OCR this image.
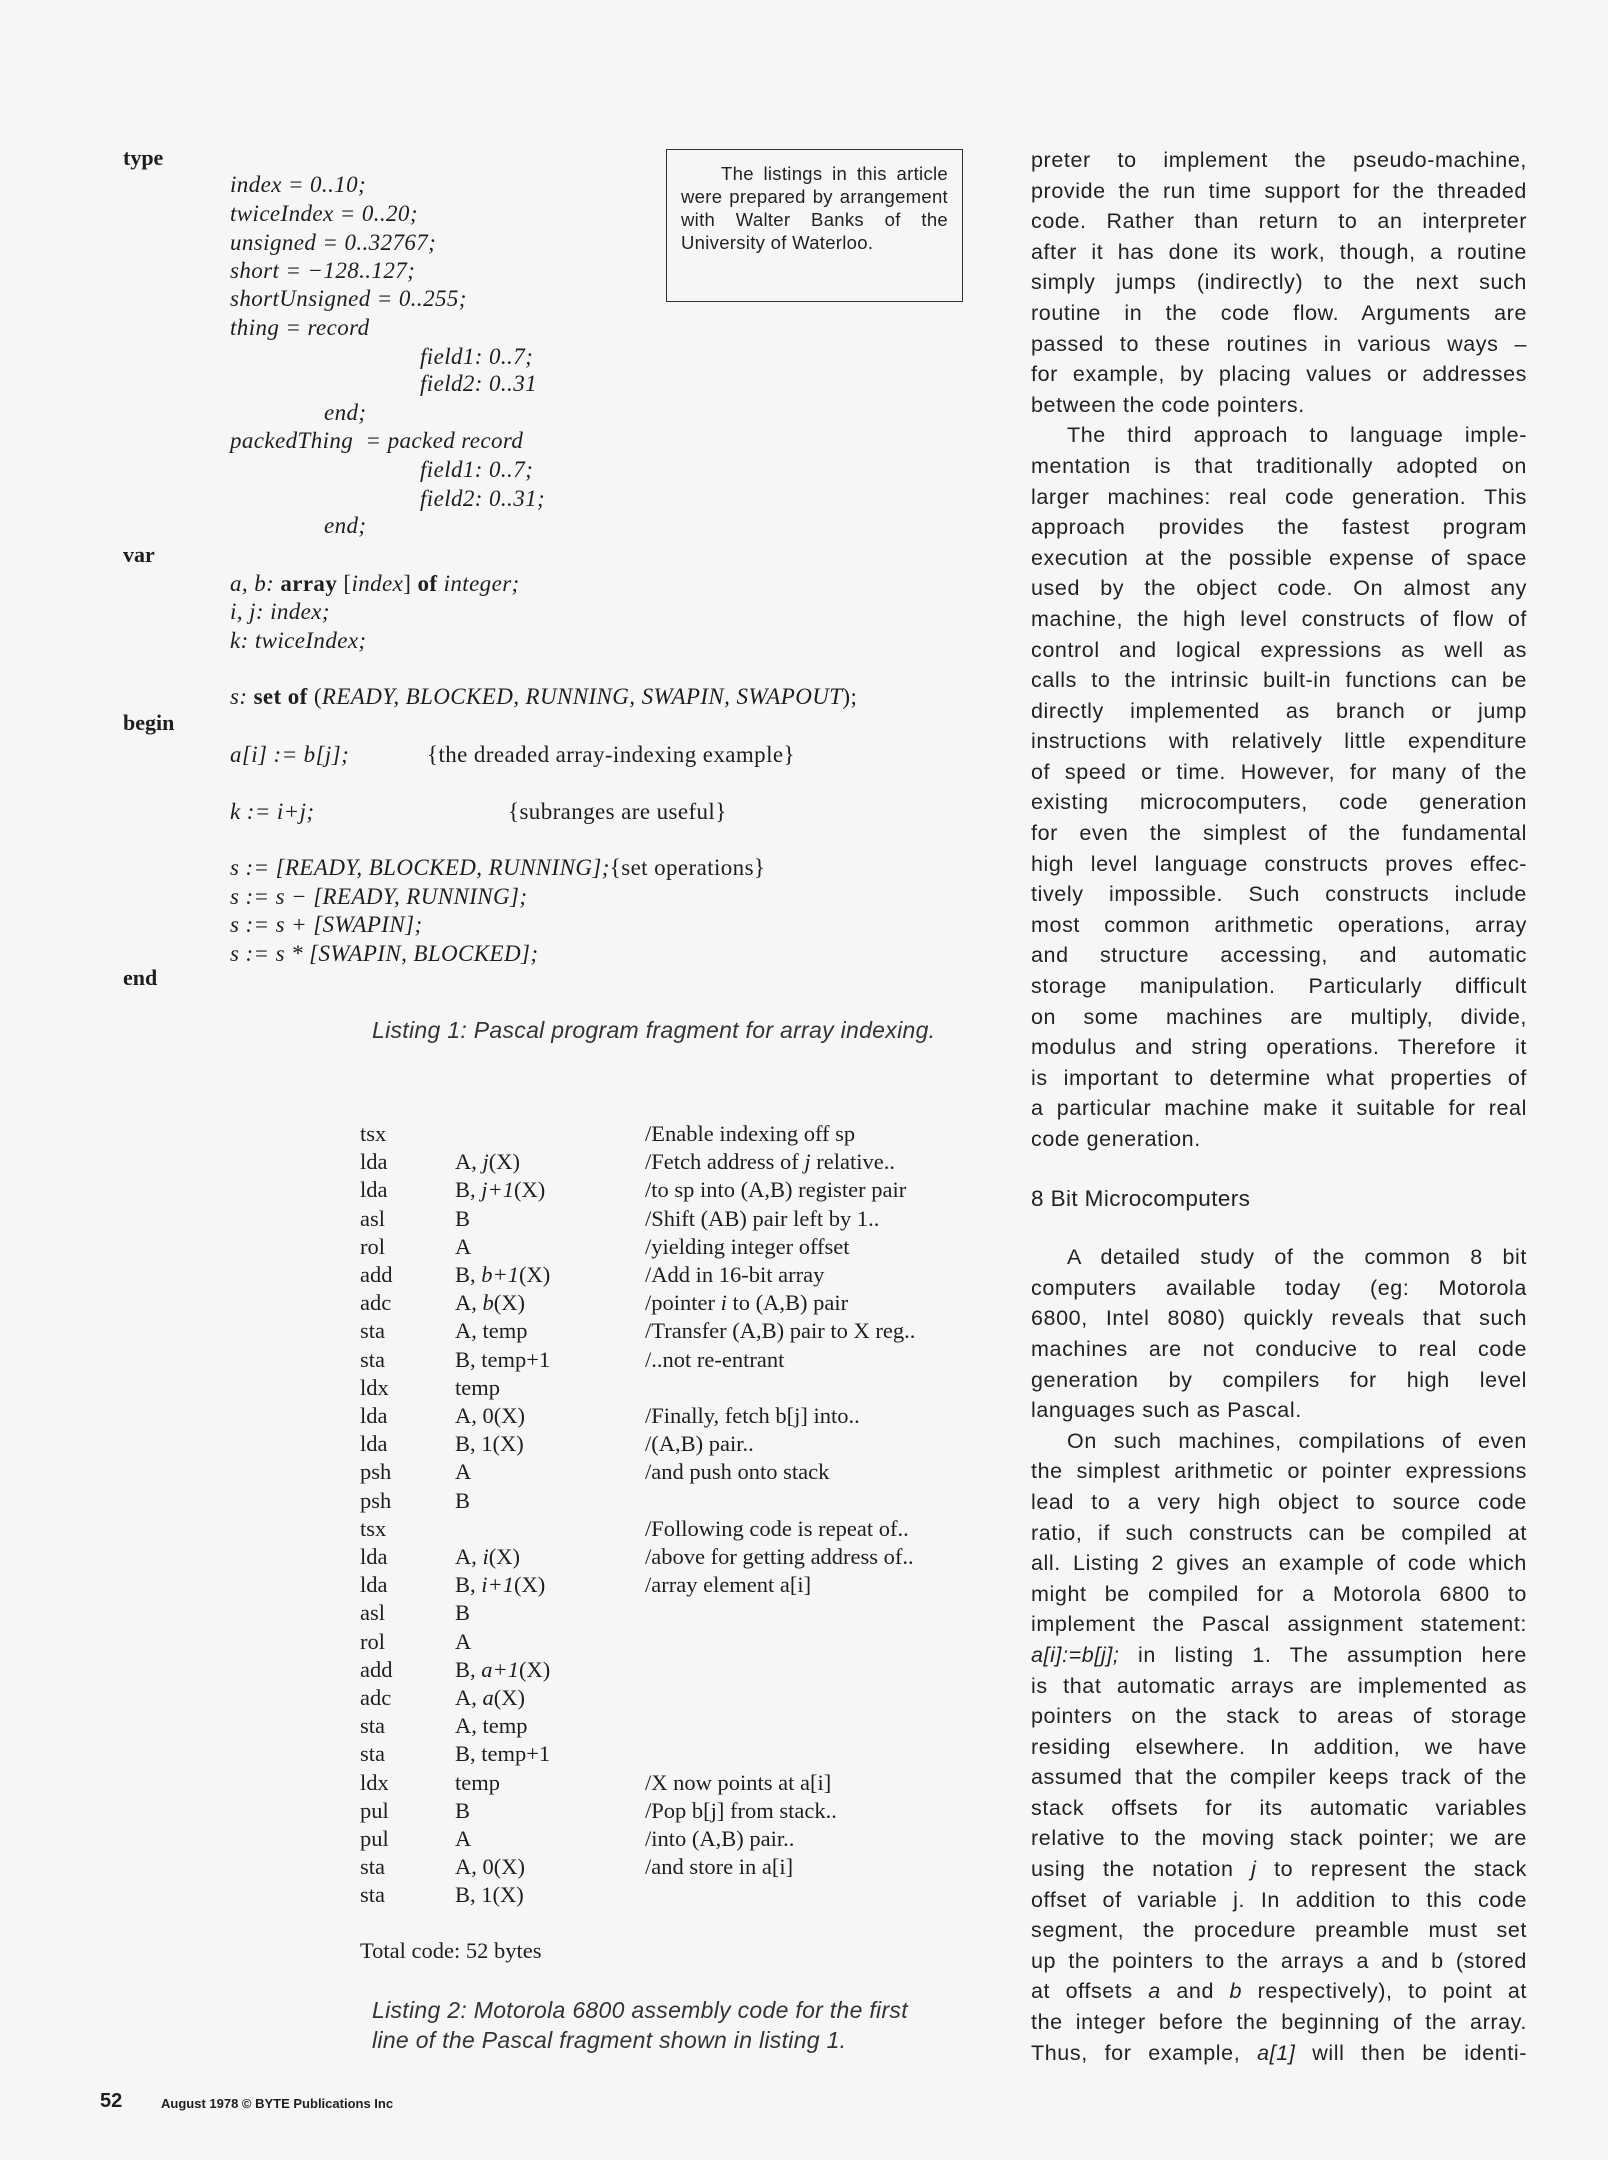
type
var
begin
end
index = 0..10;
twiceIndex = 0..20;
unsigned = 0..32767;
short = −128..127;
shortUnsigned = 0..255;
thing = record
field1: 0..7;
field2: 0..31
end;
packedThing  = packed record
field1: 0..7;
field2: 0..31;
end;
a, b: array [index] of integer;
i, j: index;
k: twiceIndex;
s: set of (READY, BLOCKED, RUNNING, SWAPIN, SWAPOUT);
a[i] := b[j];
k := i+j;
s := [READY, BLOCKED, RUNNING];{set operations}
s := s − [READY, RUNNING];
s := s + [SWAPIN];
s := s * [SWAPIN, BLOCKED];
{the dreaded array-indexing example}
{subranges are useful}
The listings in this article were prepared by arrangement with Walter Banks of the University of Waterloo.
Listing 1: Pascal program fragment for array indexing.
tsx	/Enable indexing off sp
lda	A, j(X)	/Fetch address of j relative..
lda	B, j+1(X)	/to sp into (A,B) register pair
asl	B	/Shift (AB) pair left by 1..
rol	A	/yielding integer offset
add	B, b+1(X)	/Add in 16-bit array
adc	A, b(X)	/pointer i to (A,B) pair
sta	A, temp	/Transfer (A,B) pair to X reg..
sta	B, temp+1	/..not re-entrant
ldx	temp
lda	A, 0(X)	/Finally, fetch b[j] into..
lda	B, 1(X)	/(A,B) pair..
psh	A	/and push onto stack
psh	B
tsx	/Following code is repeat of..
lda	A, i(X)	/above for getting address of..
lda	B, i+1(X)	/array element a[i]
asl	B
rol	A
add	B, a+1(X)
adc	A, a(X)
sta	A, temp
sta	B, temp+1
ldx	temp	/X now points at a[i]
pul	B	/Pop b[j] from stack..
pul	A	/into (A,B) pair..
sta	A, 0(X)	/and store in a[i]
sta	B, 1(X)
Total code: 52 bytes
Listing 2: Motorola 6800 assembly code for the first
line of the Pascal fragment shown in listing 1.
preter to implement the pseudo-machine,
provide the run time support for the threaded
code. Rather than return to an interpreter
after it has done its work, though, a routine
simply jumps (indirectly) to the next such
routine in the code flow. Arguments are
passed to these routines in various ways –
for example, by placing values or addresses
between the code pointers.
The third approach to language imple-
mentation is that traditionally adopted on
larger machines: real code generation. This
approach provides the fastest program
execution at the possible expense of space
used by the object code. On almost any
machine, the high level constructs of flow of
control and logical expressions as well as
calls to the intrinsic built-in functions can be
directly implemented as branch or jump
instructions with relatively little expenditure
of speed or time. However, for many of the
existing microcomputers, code generation
for even the simplest of the fundamental
high level language constructs proves effec-
tively impossible. Such constructs include
most common arithmetic operations, array
and structure accessing, and automatic
storage manipulation. Particularly difficult
on some machines are multiply, divide,
modulus and string operations. Therefore it
is important to determine what properties of
a particular machine make it suitable for real
code generation.
8 Bit Microcomputers
A detailed study of the common 8 bit
computers available today (eg: Motorola
6800, Intel 8080) quickly reveals that such
machines are not conducive to real code
generation by compilers for high level
languages such as Pascal.
On such machines, compilations of even
the simplest arithmetic or pointer expressions
lead to a very high object to source code
ratio, if such constructs can be compiled at
all. Listing 2 gives an example of code which
might be compiled for a Motorola 6800 to
implement the Pascal assignment statement:
a[i]:=b[j]; in listing 1. The assumption here
is that automatic arrays are implemented as
pointers on the stack to areas of storage
residing elsewhere. In addition, we have
assumed that the compiler keeps track of the
stack offsets for its automatic variables
relative to the moving stack pointer; we are
using the notation j to represent the stack
offset of variable j. In addition to this code
segment, the procedure preamble must set
up the pointers to the arrays a and b (stored
at offsets a and b respectively), to point at
the integer before the beginning of the array.
Thus, for example, a[1] will then be identi-
52	August 1978 © BYTE Publications Inc
